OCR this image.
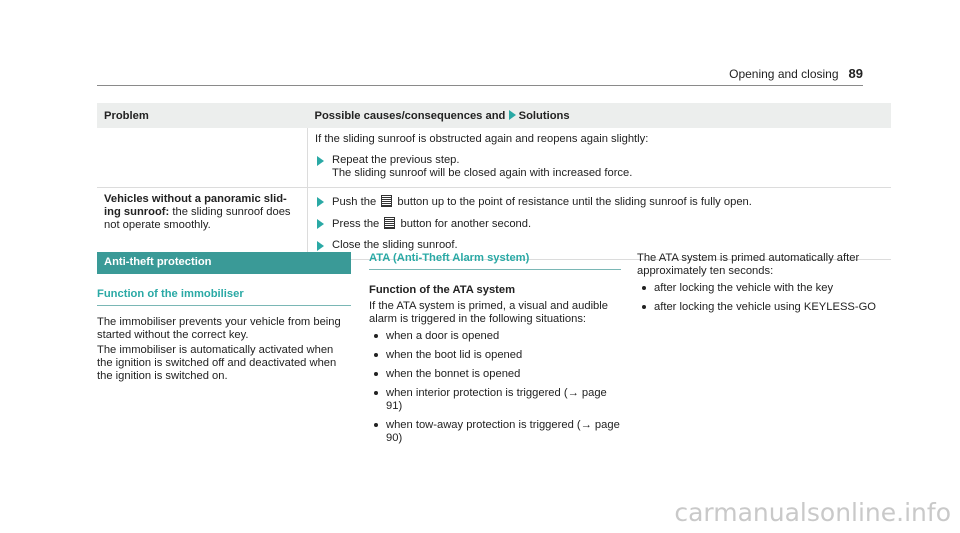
Opening and closing 89
Problem	Possible causes/consequences and Solutions

	If the sliding sunroof is obstructed again and reopens again slightly:
Repeat the previous step.
The sliding sunroof will be closed again with increased force.

Vehicles without a panoramic slid-ing sunroof: the sliding sunroof does not operate smoothly.	Push the button up to the point of resistance until the sliding sunroof is fully open.
Press the button for another second.
Close the sliding sunroof.
Anti-theft protection
Function of the immobiliser

The immobiliser prevents your vehicle from being started without the correct key.

The immobiliser is automatically activated when the ignition is switched off and deactivated when the ignition is switched on.

ATA (Anti-Theft Alarm system)

Function of the ATA system

If the ATA system is primed, a visual and audible alarm is triggered in the following situations:

when a door is opened
when the boot lid is opened
when the bonnet is opened
when interior protection is triggered (→ page 91)
when tow-away protection is triggered (→ page 90)

The ATA system is primed automatically after approximately ten seconds:

after locking the vehicle with the key
after locking the vehicle using KEYLESS-GO
carmanualsonline.info
